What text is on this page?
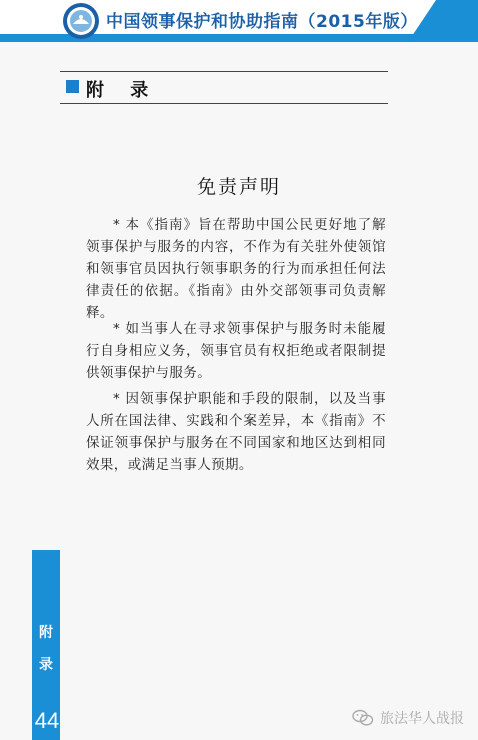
中国领事保护和协助指南（2015年版）
附 录
免责声明
* 本《指南》旨在帮助中国公民更好地了解领事保护与服务的内容，不作为有关驻外使领馆和领事官员因执行领事职务的行为而承担任何法律责任的依据。《指南》由外交部领事司负责解释。
* 如当事人在寻求领事保护与服务时未能履行自身相应义务，领事官员有权拒绝或者限制提供领事保护与服务。
* 因领事保护职能和手段的限制，以及当事人所在国法律、实践和个案差异，本《指南》不保证领事保护与服务在不同国家和地区达到相同效果，或满足当事人预期。
附
录
44	旅法华人战报
